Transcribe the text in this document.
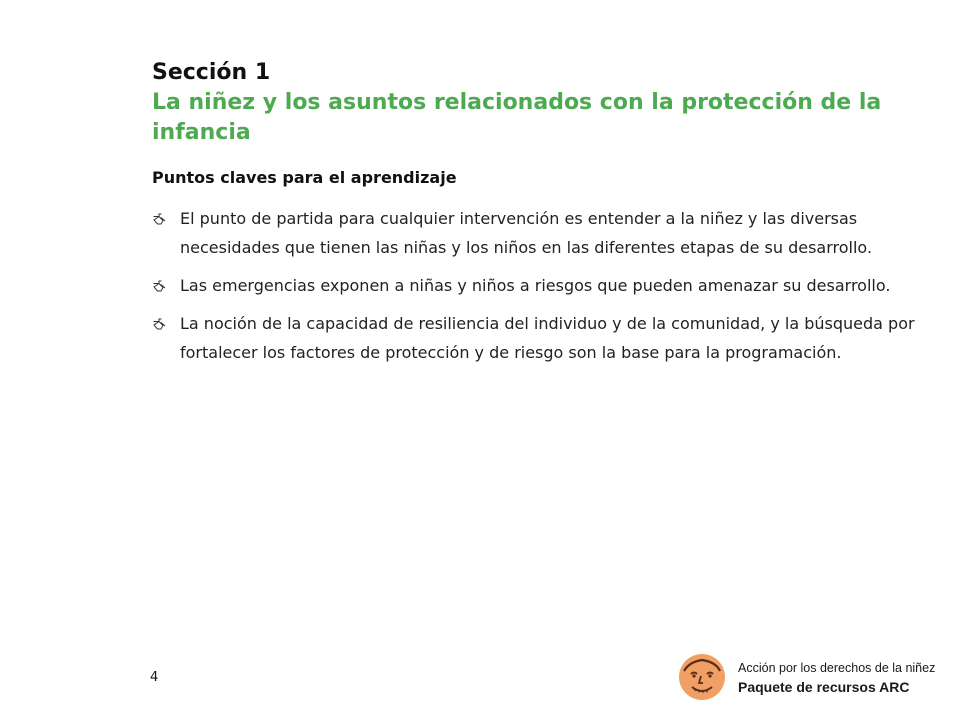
Sección 1
La niñez y los asuntos relacionados con la protección de la infancia
Puntos claves para el aprendizaje
El punto de partida para cualquier intervención es entender a la niñez y las diversas necesidades que tienen las niñas y los niños en las diferentes etapas de su desarrollo.
Las emergencias exponen a niñas y niños a riesgos que pueden amenazar su desarrollo.
La noción de la capacidad de resiliencia del individuo y de la comunidad, y la búsqueda por fortalecer los factores de protección y de riesgo son la base para la programación.
4
Acción por los derechos de la niñez
Paquete de recursos ARC
